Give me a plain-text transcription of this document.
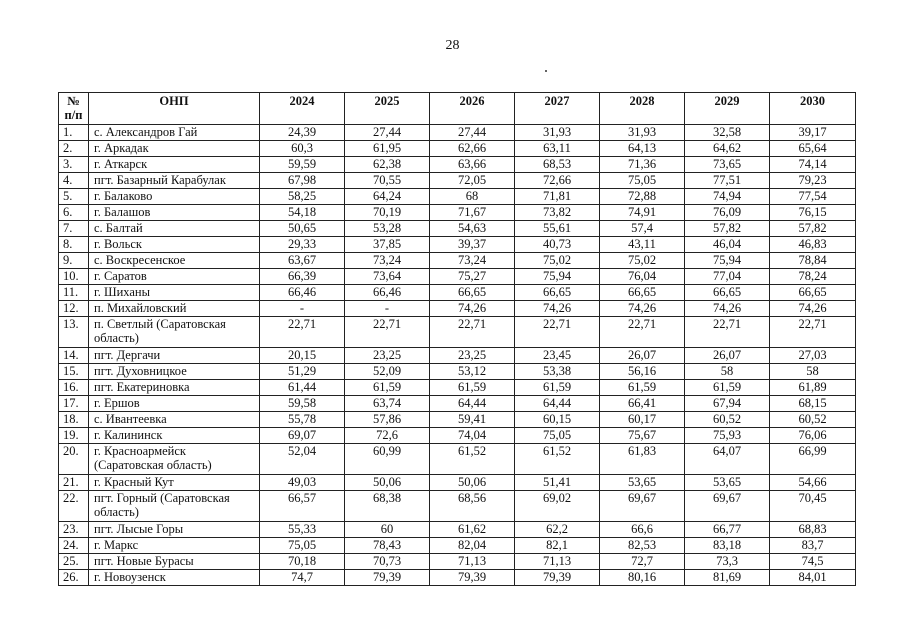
28
№ п/п	ОНП	2024	2025	2026	2027	2028	2029	2030
1.	с. Александров Гай	24,39	27,44	27,44	31,93	31,93	32,58	39,17
2.	г. Аркадак	60,3	61,95	62,66	63,11	64,13	64,62	65,64
3.	г. Аткарск	59,59	62,38	63,66	68,53	71,36	73,65	74,14
4.	пгт. Базарный Карабулак	67,98	70,55	72,05	72,66	75,05	77,51	79,23
5.	г. Балаково	58,25	64,24	68	71,81	72,88	74,94	77,54
6.	г. Балашов	54,18	70,19	71,67	73,82	74,91	76,09	76,15
7.	с. Балтай	50,65	53,28	54,63	55,61	57,4	57,82	57,82
8.	г. Вольск	29,33	37,85	39,37	40,73	43,11	46,04	46,83
9.	с. Воскресенское	63,67	73,24	73,24	75,02	75,02	75,94	78,84
10.	г. Саратов	66,39	73,64	75,27	75,94	76,04	77,04	78,24
11.	г. Шиханы	66,46	66,46	66,65	66,65	66,65	66,65	66,65
12.	п. Михайловский	-	-	74,26	74,26	74,26	74,26	74,26
13.	п. Светлый (Саратовская область)	22,71	22,71	22,71	22,71	22,71	22,71	22,71
14.	пгт. Дергачи	20,15	23,25	23,25	23,45	26,07	26,07	27,03
15.	пгт. Духовницкое	51,29	52,09	53,12	53,38	56,16	58	58
16.	пгт. Екатериновка	61,44	61,59	61,59	61,59	61,59	61,59	61,89
17.	г. Ершов	59,58	63,74	64,44	64,44	66,41	67,94	68,15
18.	с. Ивантеевка	55,78	57,86	59,41	60,15	60,17	60,52	60,52
19.	г. Калининск	69,07	72,6	74,04	75,05	75,67	75,93	76,06
20.	г. Красноармейск (Саратовская область)	52,04	60,99	61,52	61,52	61,83	64,07	66,99
21.	г. Красный Кут	49,03	50,06	50,06	51,41	53,65	53,65	54,66
22.	пгт. Горный (Саратовская область)	66,57	68,38	68,56	69,02	69,67	69,67	70,45
23.	пгт. Лысые Горы	55,33	60	61,62	62,2	66,6	66,77	68,83
24.	г. Маркс	75,05	78,43	82,04	82,1	82,53	83,18	83,7
25.	пгт. Новые Бурасы	70,18	70,73	71,13	71,13	72,7	73,3	74,5
26.	г. Новоузенск	74,7	79,39	79,39	79,39	80,16	81,69	84,01
